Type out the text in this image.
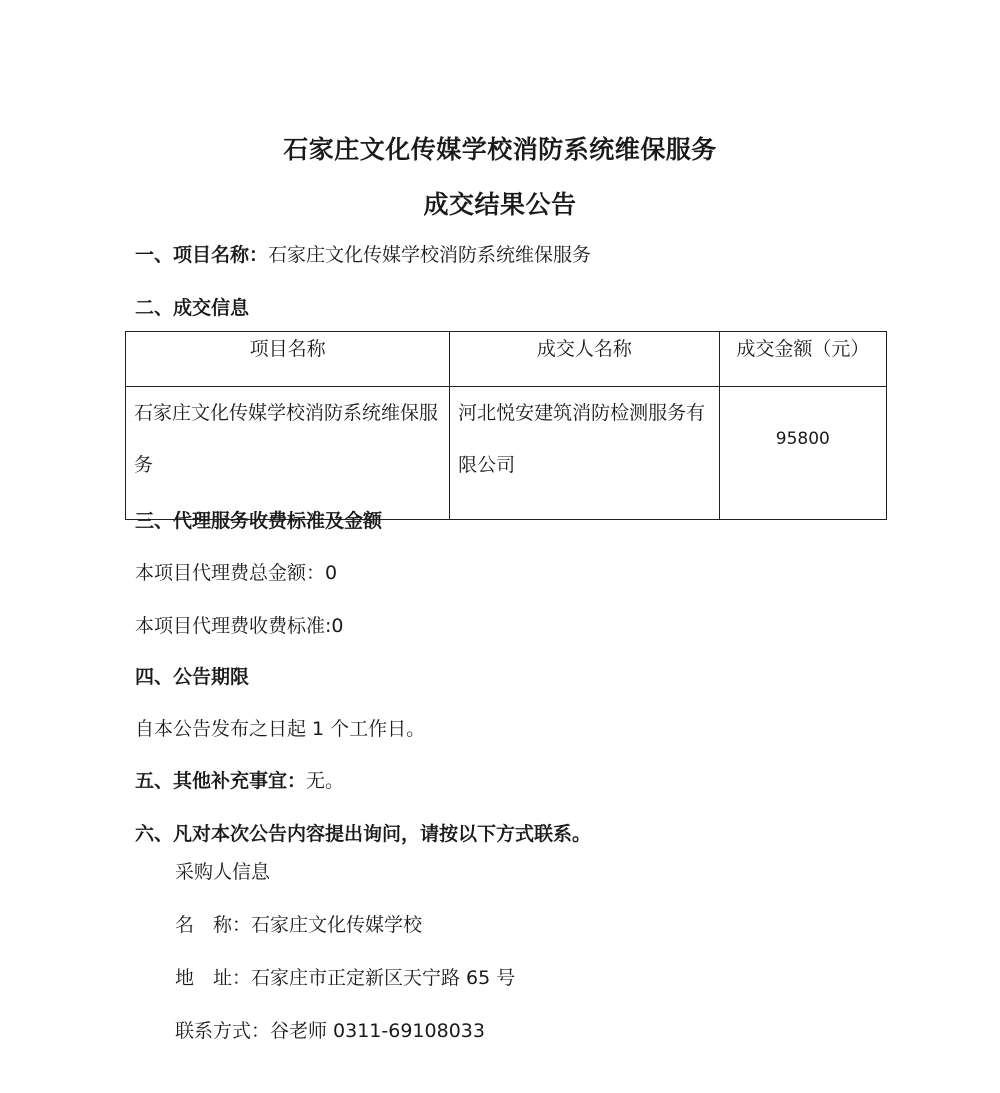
石家庄文化传媒学校消防系统维保服务
成交结果公告
一、项目名称：石家庄文化传媒学校消防系统维保服务
二、成交信息
项目名称	成交人名称	成交金额（元）
石家庄文化传媒学校消防系统维保服务	河北悦安建筑消防检测服务有限公司	95800
三、代理服务收费标准及金额
本项目代理费总金额：0
本项目代理费收费标准:0
四、公告期限
自本公告发布之日起 1 个工作日。
五、其他补充事宜：无。
六、凡对本次公告内容提出询问，请按以下方式联系。
采购人信息
名　称：石家庄文化传媒学校
地　址：石家庄市正定新区天宁路 65 号
联系方式：谷老师 0311-69108033
